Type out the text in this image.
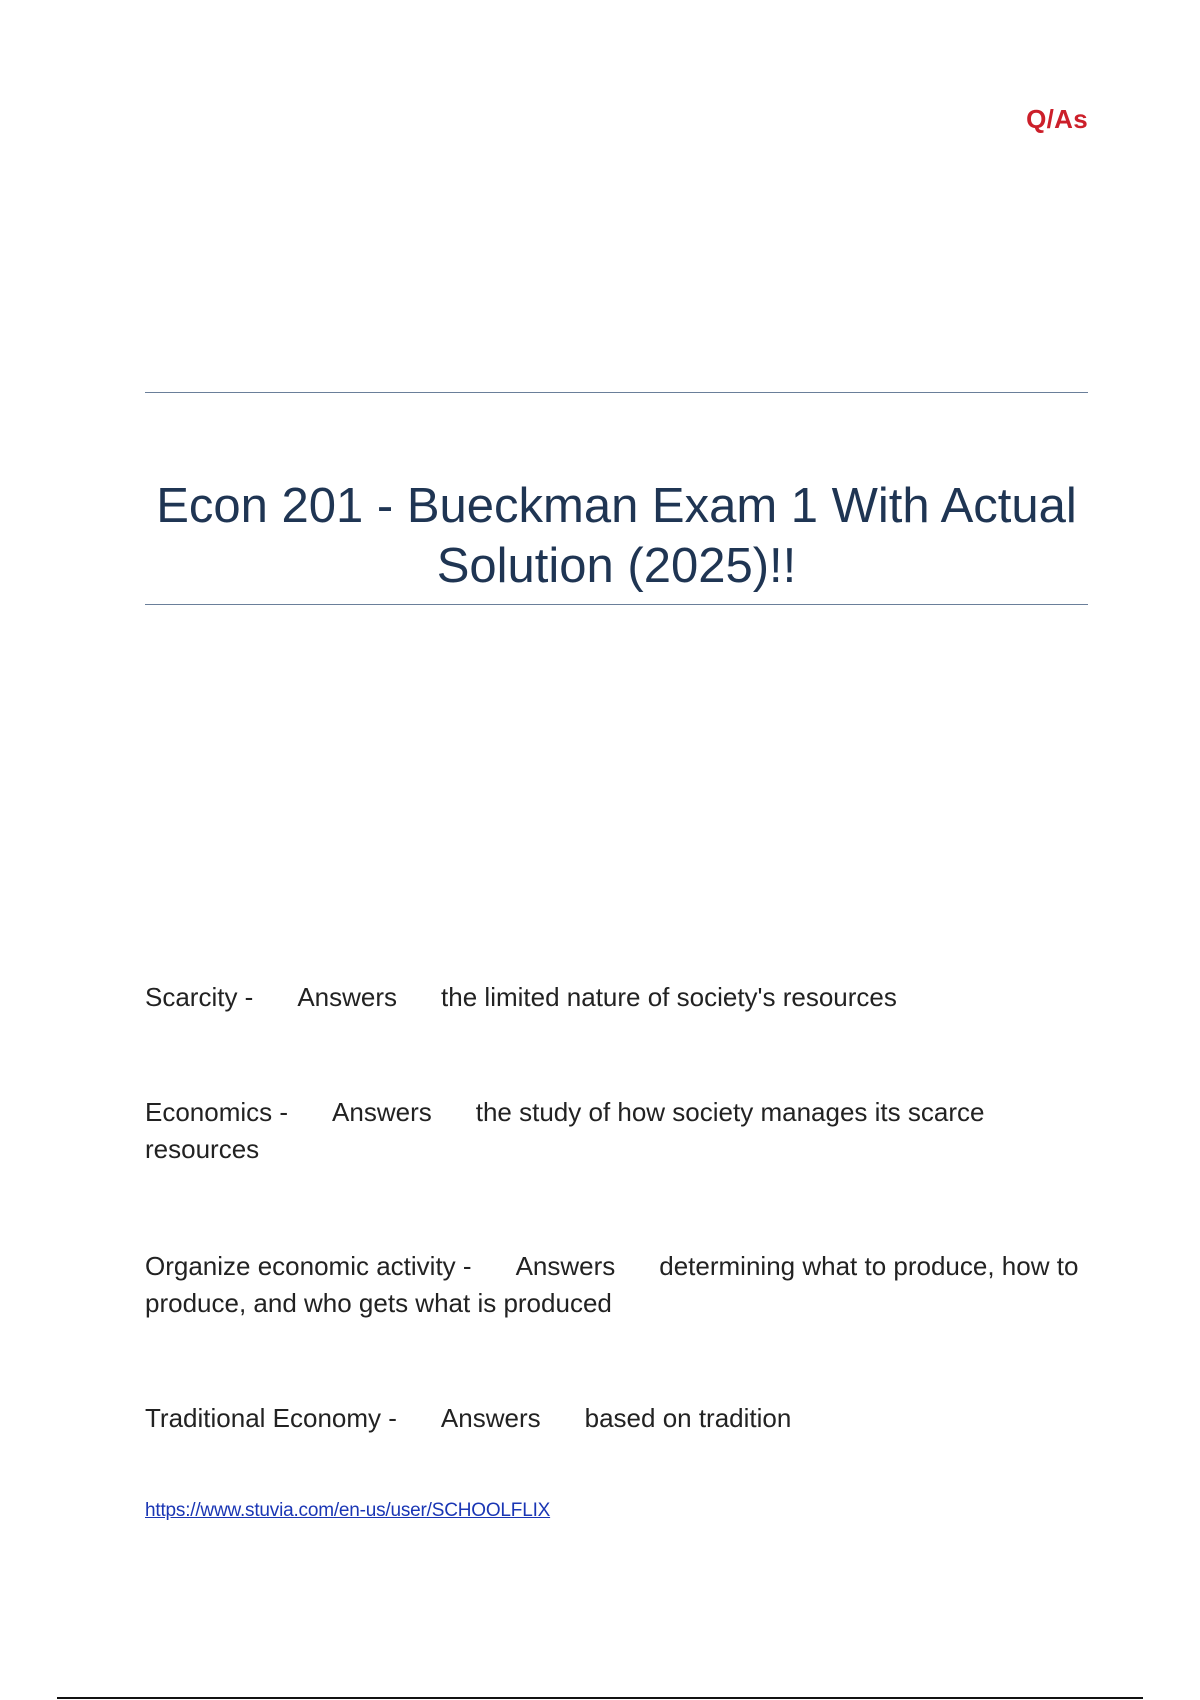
Q/As
Econ 201 - Bueckman Exam 1 With Actual Solution (2025)!!

Scarcity - Answers the limited nature of society's resources

Economics - Answers the study of how society manages its scarce resources

Organize economic activity - Answers determining what to produce, how to produce, and who gets what is produced

Traditional Economy - Answers based on tradition

https://www.stuvia.com/en-us/user/SCHOOLFLIX
